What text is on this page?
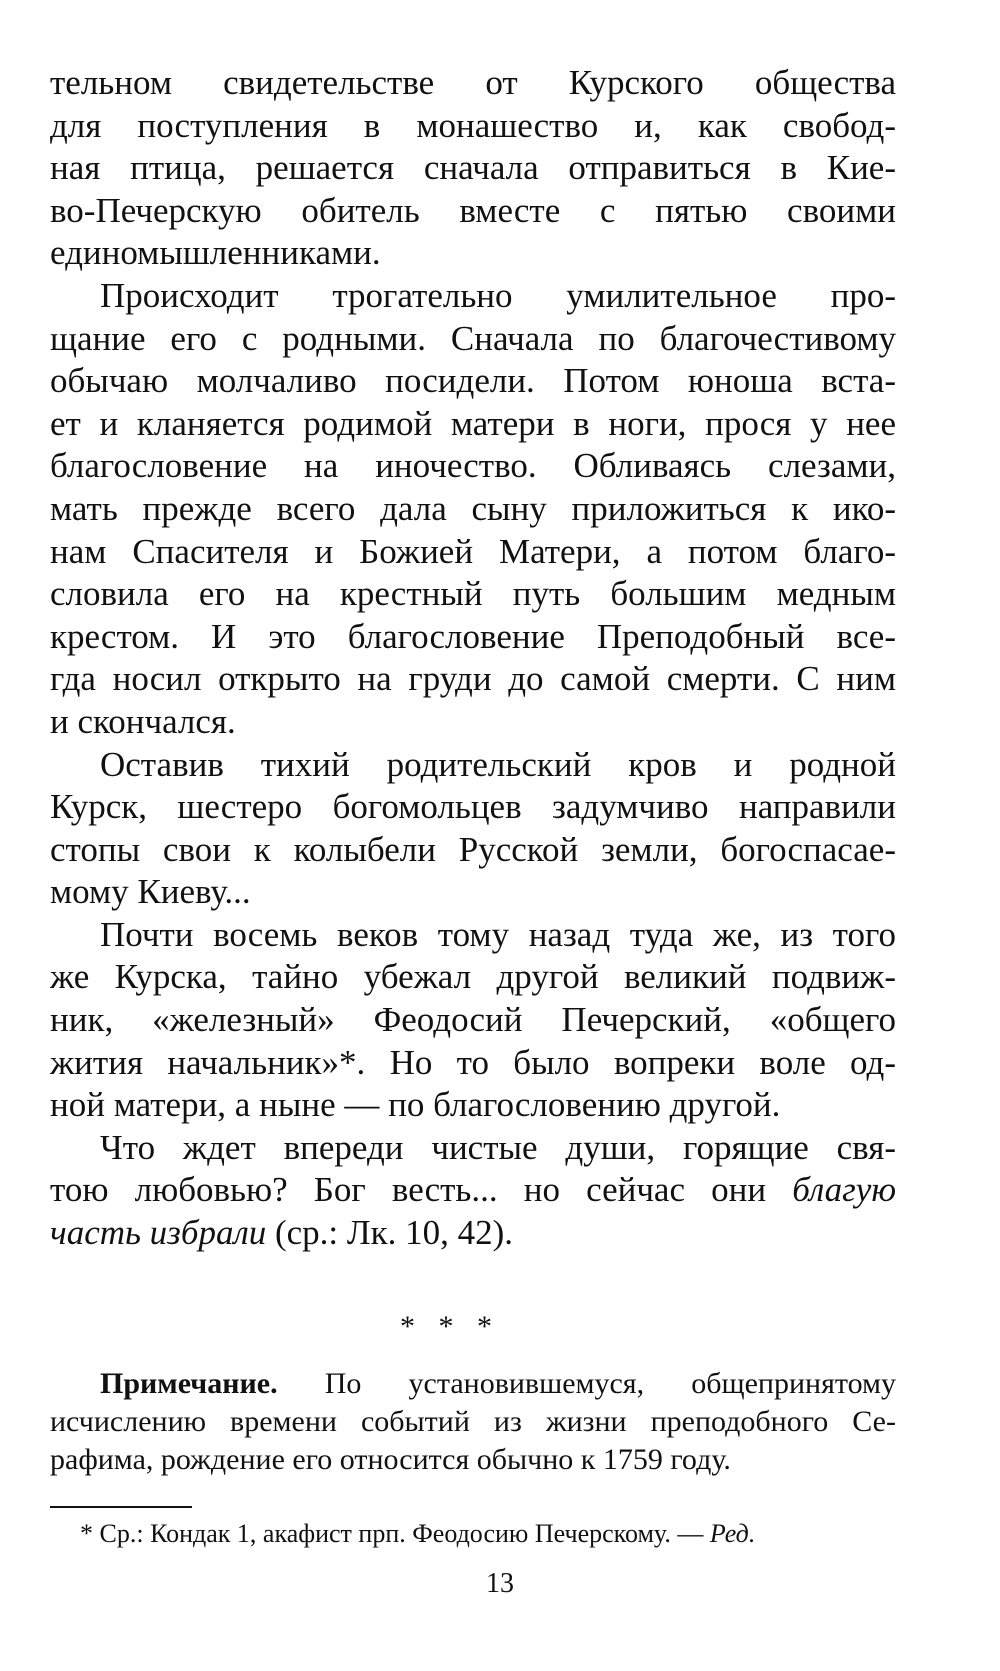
тельном свидетельстве от Курского общества
для поступления в монашество и, как свобод-
ная птица, решается сначала отправиться в Кие-
во-Печерскую обитель вместе с пятью своими
единомышленниками.
Происходит трогательно умилительное про-
щание его с родными. Сначала по благочестивому
обычаю молчаливо посидели. Потом юноша вста-
ет и кланяется родимой матери в ноги, прося у нее
благословение на иночество. Обливаясь слезами,
мать прежде всего дала сыну приложиться к ико-
нам Спасителя и Божией Матери, а потом благо-
словила его на крестный путь большим медным
крестом. И это благословение Преподобный все-
гда носил открыто на груди до самой смерти. С ним
и скончался.
Оставив тихий родительский кров и родной
Курск, шестеро богомольцев задумчиво направили
стопы свои к колыбели Русской земли, богоспасае-
мому Киеву...
Почти восемь веков тому назад туда же, из того
же Курска, тайно убежал другой великий подвиж-
ник, «железный» Феодосий Печерский, «общего
жития начальник»*. Но то было вопреки воле од-
ной матери, а ныне — по благословению другой.
Что ждет впереди чистые души, горящие свя-
тою любовью? Бог весть... но сейчас они благую
часть избрали (ср.: Лк. 10, 42).
* * *
Примечание. По установившемуся, общепринятому
исчислению времени событий из жизни преподобного Се-
рафима, рождение его относится обычно к 1759 году.
* Ср.: Кондак 1, акафист прп. Феодосию Печерскому. — Ред.
13
